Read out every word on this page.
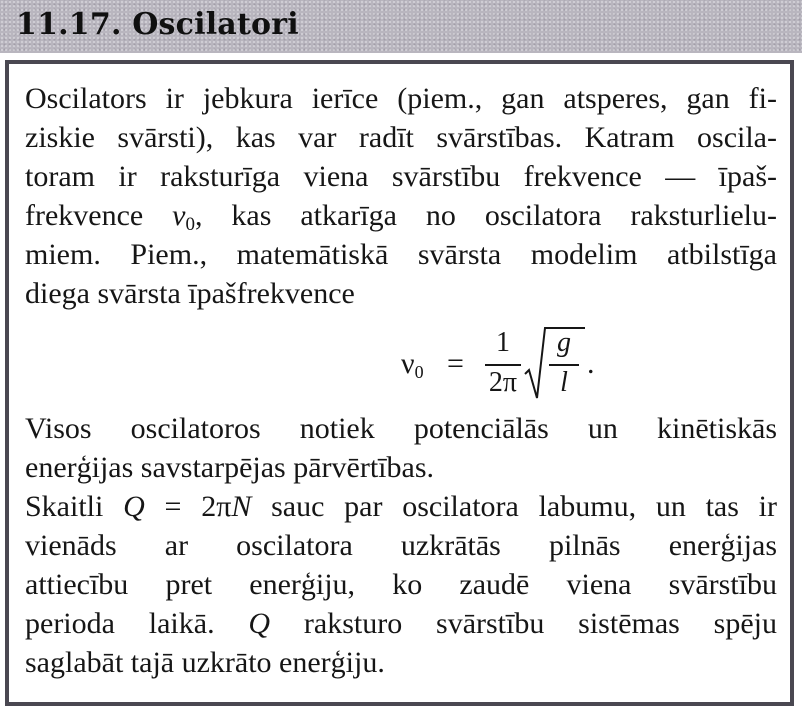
11.17. Oscilatori
Oscilators ir jebkura ierīce (piem., gan atsperes, gan fi-
ziskie svārsti), kas var radīt svārstības. Katram oscila-
toram ir raksturīga viena svārstību frekvence — īpaš-
frekvence $\nu_0$, kas atkarīga no oscilatora raksturlielu-
miem. Piem., matemātiskā svārsta modelim atbilstīga
diega svārsta īpašfrekvence
$\nu_0$ =
1
2π
g
l
.
Visos oscilatoros notiek potenciālās un kinētiskās
enerģijas savstarpējas pārvērtības.
Skaitli Q = 2πN sauc par oscilatora labumu, un tas ir
vienāds ar oscilatora uzkrātās pilnās enerģijas
attiecību pret enerģiju, ko zaudē viena svārstību
perioda laikā. Q raksturo svārstību sistēmas spēju
saglabāt tajā uzkrāto enerģiju.
